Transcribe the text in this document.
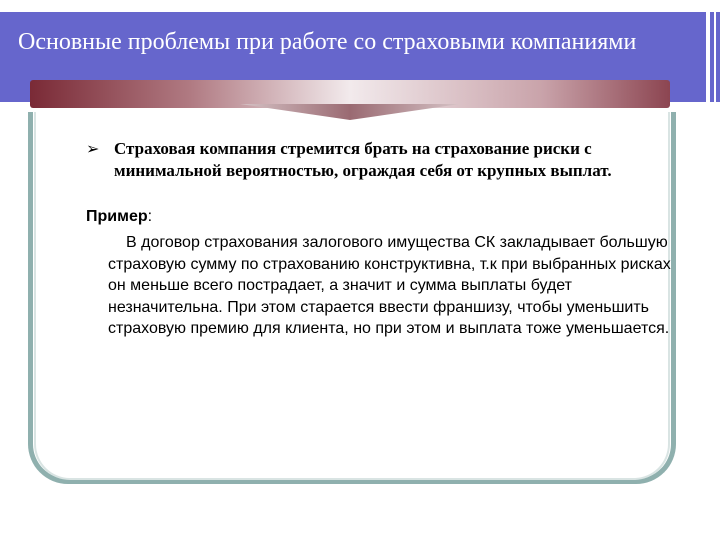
Основные проблемы при работе со страховыми компаниями
➢ Страховая компания стремится брать на страхование риски с минимальной вероятностью, ограждая себя от крупных выплат.

Пример:

В договор страхования залогового имущества СК закладывает большую страховую сумму по страхованию конструктивна, т.к при выбранных рисках он меньше всего пострадает, а значит и сумма выплаты будет незначительна. При этом старается ввести франшизу, чтобы уменьшить страховую премию для клиента, но при этом и выплата тоже уменьшается.
